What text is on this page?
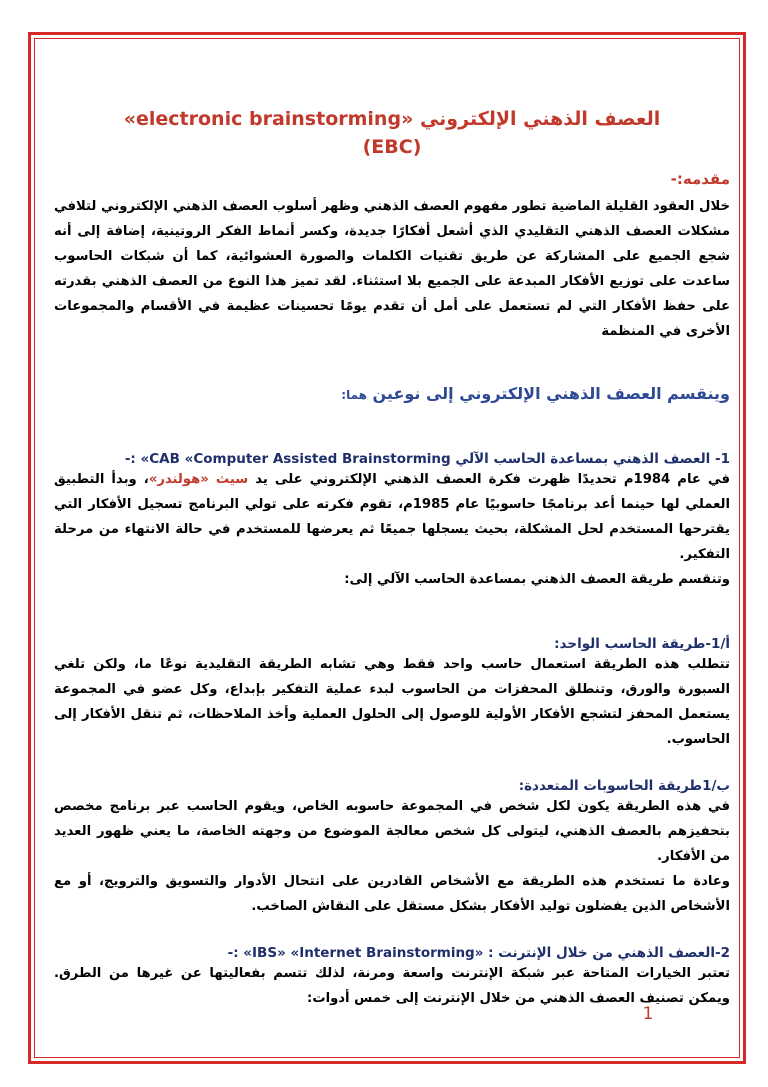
العصف الذهني الإلكتروني «electronic brainstorming»

(EBC)

مقدمه:-

خلال العقود القليلة الماضية تطور مفهوم العصف الذهني وظهر أسلوب العصف الذهني الإلكتروني لتلافي مشكلات العصف الذهني التقليدي الذي أشعل أفكارًا جديدة، وكسر أنماط الفكر الروتينية، إضافة إلى أنه شجع الجميع على المشاركة عن طريق تقنيات الكلمات والصورة العشوائية، كما أن شبكات الحاسوب ساعدت على توزيع الأفكار المبدعة على الجميع بلا استثناء. لقد تميز هذا النوع من العصف الذهني بقدرته على حفظ الأفكار التي لم تستعمل على أمل أن تقدم يومًا تحسينات عظيمة في الأقسام والمجموعات الأخرى في المنظمة

وينقسم العصف الذهني الإلكتروني إلى نوعين هما:

1- العصف الذهني بمساعدة الحاسب الآلي CAB «Computer Assisted Brainstorming» :-

في عام 1984م تحديدًا ظهرت فكرة العصف الذهني الإلكتروني على يد سيث «هولندر»، وبدأ التطبيق العملي لها حينما أعد برنامجًا حاسوبيًا عام 1985م، تقوم فكرته على تولي البرنامج تسجيل الأفكار التي يقترحها المستخدم لحل المشكلة، بحيث يسجلها جميعًا ثم يعرضها للمستخدم في حالة الانتهاء من مرحلة التفكير.

وتنقسم طريقة العصف الذهني بمساعدة الحاسب الآلي إلى:

أ/1-طريقة الحاسب الواحد:

تتطلب هذه الطريقة استعمال حاسب واحد فقط وهي تشابه الطريقة التقليدية نوعًا ما، ولكن تلغي السبورة والورق، وتنطلق المحفزات من الحاسوب لبدء عملية التفكير بإبداع، وكل عضو في المجموعة يستعمل المحفز لتشجع الأفكار الأولية للوصول إلى الحلول العملية وأخذ الملاحظات، ثم تنقل الأفكار إلى الحاسوب.

ب/1طريقة الحاسوبات المتعددة:

في هذه الطريقة يكون لكل شخص في المجموعة حاسوبه الخاص، ويقوم الحاسب عبر برنامج مخصص بتحفيزهم بالعصف الذهني، ليتولى كل شخص معالجة الموضوع من وجهته الخاصة، ما يعني ظهور العديد من الأفكار.

وعادة ما تستخدم هذه الطريقة مع الأشخاص القادرين على انتحال الأدوار والتسويق والترويج، أو مع الأشخاص الذين يفضلون توليد الأفكار بشكل مستقل على النقاش الصاخب.

2-العصف الذهني من خلال الإنترنت : «IBS» «Internet Brainstorming» :-

تعتبر الخيارات المتاحة عبر شبكة الإنترنت واسعة ومرنة، لذلك تتسم بفعاليتها عن غيرها من الطرق. ويمكن تصنيف العصف الذهني من خلال الإنترنت إلى خمس أدوات:

1
